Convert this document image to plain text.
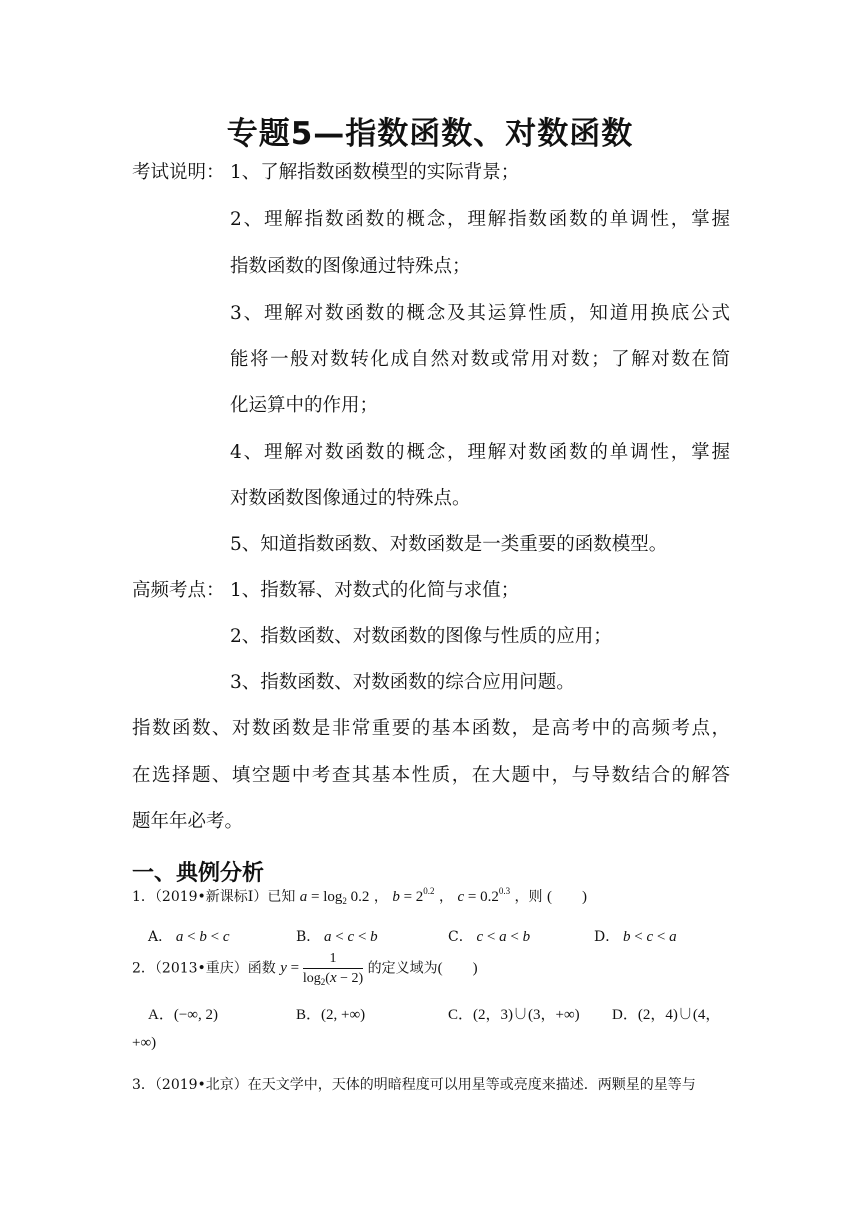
专题5—指数函数、对数函数
考试说明： 1、了解指数函数模型的实际背景；
2、理解指数函数的概念，理解指数函数的单调性，掌握
指数函数的图像通过特殊点；
3、理解对数函数的概念及其运算性质，知道用换底公式
能将一般对数转化成自然对数或常用对数；了解对数在简
化运算中的作用；
4、理解对数函数的概念，理解对数函数的单调性，掌握
对数函数图像通过的特殊点。
5、知道指数函数、对数函数是一类重要的函数模型。
高频考点： 1、指数幂、对数式的化简与求值；
2、指数函数、对数函数的图像与性质的应用；
3、指数函数、对数函数的综合应用问题。
指数函数、对数函数是非常重要的基本函数，是高考中的高频考点，
在选择题、填空题中考查其基本性质，在大题中，与导数结合的解答
题年年必考。
一、典例分析
1．（2019•新课标Ⅰ）已知 $a = \log_2 0.2$ ， $b = 2^{0.2}$ ， $c = 0.2^{0.3}$ ，则 (        )
A． a < b < c	B． a < c < b	C． c < a < b	D． b < c < a
2．（2013•重庆）函数 $y = \frac{1}{\log_2(x - 2)}$ 的定义域为(        )
A．(−∞, 2)	B．(2, +∞)	C．(2，3)∪(3，+∞) D．(2，4)∪(4，
+∞)
3．（2019•北京）在天文学中，天体的明暗程度可以用星等或亮度来描述．两颗星的星等与
